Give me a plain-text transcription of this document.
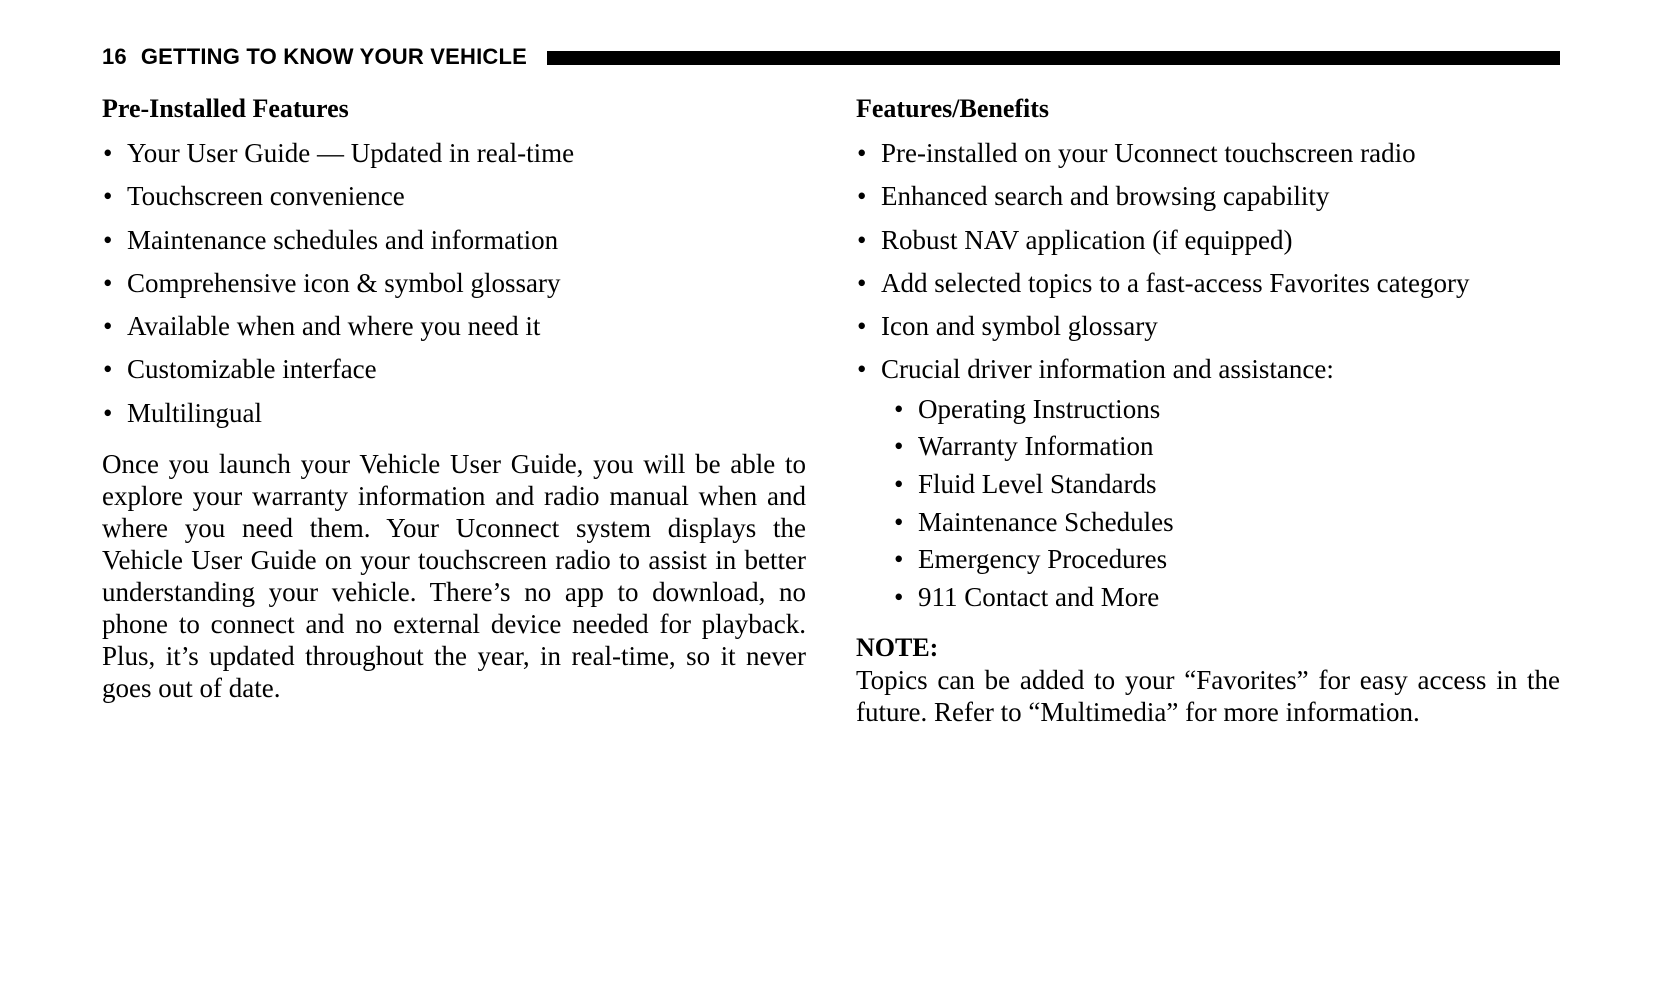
16 GETTING TO KNOW YOUR VEHICLE
Pre-Installed Features
• Your User Guide — Updated in real-time
• Touchscreen convenience
• Maintenance schedules and information
• Comprehensive icon & symbol glossary
• Available when and where you need it
• Customizable interface
• Multilingual

Once you launch your Vehicle User Guide, you will be able to explore your warranty information and radio manual when and where you need them. Your Uconnect system displays the Vehicle User Guide on your touchscreen radio to assist in better understanding your vehicle. There’s no app to download, no phone to connect and no external device needed for playback. Plus, it’s updated throughout the year, in real-time, so it never goes out of date.

Features/Benefits
• Pre-installed on your Uconnect touchscreen radio
• Enhanced search and browsing capability
• Robust NAV application (if equipped)
• Add selected topics to a fast-access Favorites category
• Icon and symbol glossary
• Crucial driver information and assistance:
• Operating Instructions
• Warranty Information
• Fluid Level Standards
• Maintenance Schedules
• Emergency Procedures
• 911 Contact and More
NOTE:

Topics can be added to your “Favorites” for easy access in the future. Refer to “Multimedia” for more information.
